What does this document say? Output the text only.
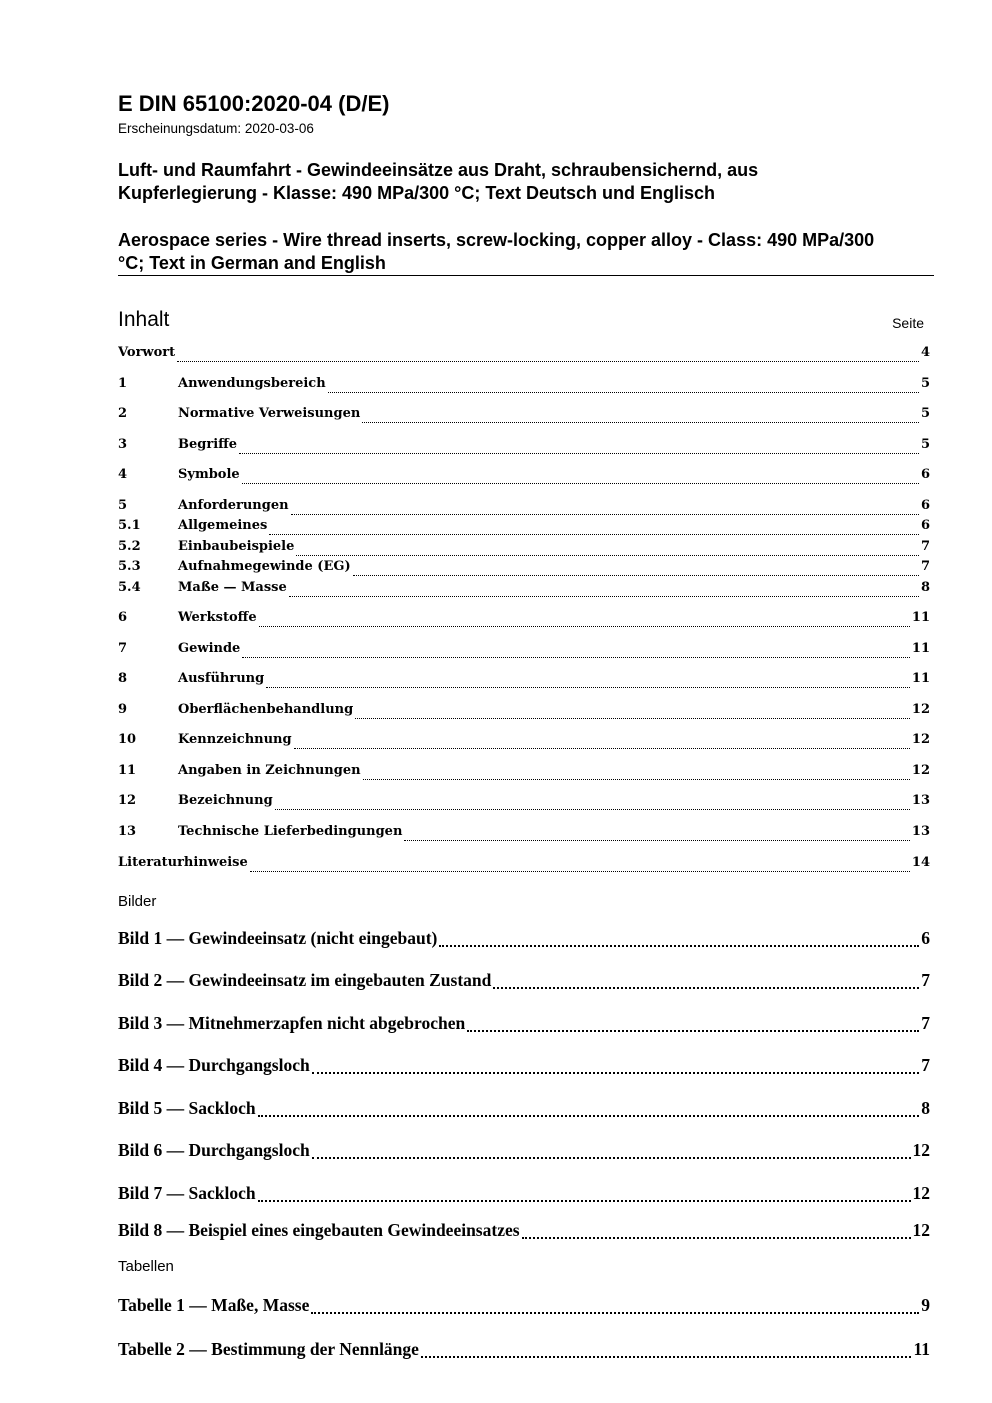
E DIN 65100:2020-04 (D/E)
Erscheinungsdatum: 2020-03-06
Luft- und Raumfahrt - Gewindeeinsätze aus Draht, schraubensichernd, aus Kupferlegierung - Klasse: 490 MPa/300 °C; Text Deutsch und Englisch
Aerospace series - Wire thread inserts, screw-locking, copper alloy - Class: 490 MPa/300 °C; Text in German and English
Inhalt	Seite
Vorwort	4
1	Anwendungsbereich	5
2	Normative Verweisungen	5
3	Begriffe	5
4	Symbole	6
5	Anforderungen	6
5.1	Allgemeines	6
5.2	Einbaubeispiele	7
5.3	Aufnahmegewinde (EG)	7
5.4	Maße — Masse	8
6	Werkstoffe	11
7	Gewinde	11
8	Ausführung	11
9	Oberflächenbehandlung	12
10	Kennzeichnung	12
11	Angaben in Zeichnungen	12
12	Bezeichnung	13
13	Technische Lieferbedingungen	13
Literaturhinweise	14
Bilder
Bild 1 — Gewindeeinsatz (nicht eingebaut)	6
Bild 2 — Gewindeeinsatz im eingebauten Zustand	7
Bild 3 — Mitnehmerzapfen nicht abgebrochen	7
Bild 4 — Durchgangsloch	7
Bild 5 — Sackloch	8
Bild 6 — Durchgangsloch	12
Bild 7 — Sackloch	12
Bild 8 — Beispiel eines eingebauten Gewindeeinsatzes	12
Tabellen
Tabelle 1 — Maße, Masse	9
Tabelle 2 — Bestimmung der Nennlänge	11
